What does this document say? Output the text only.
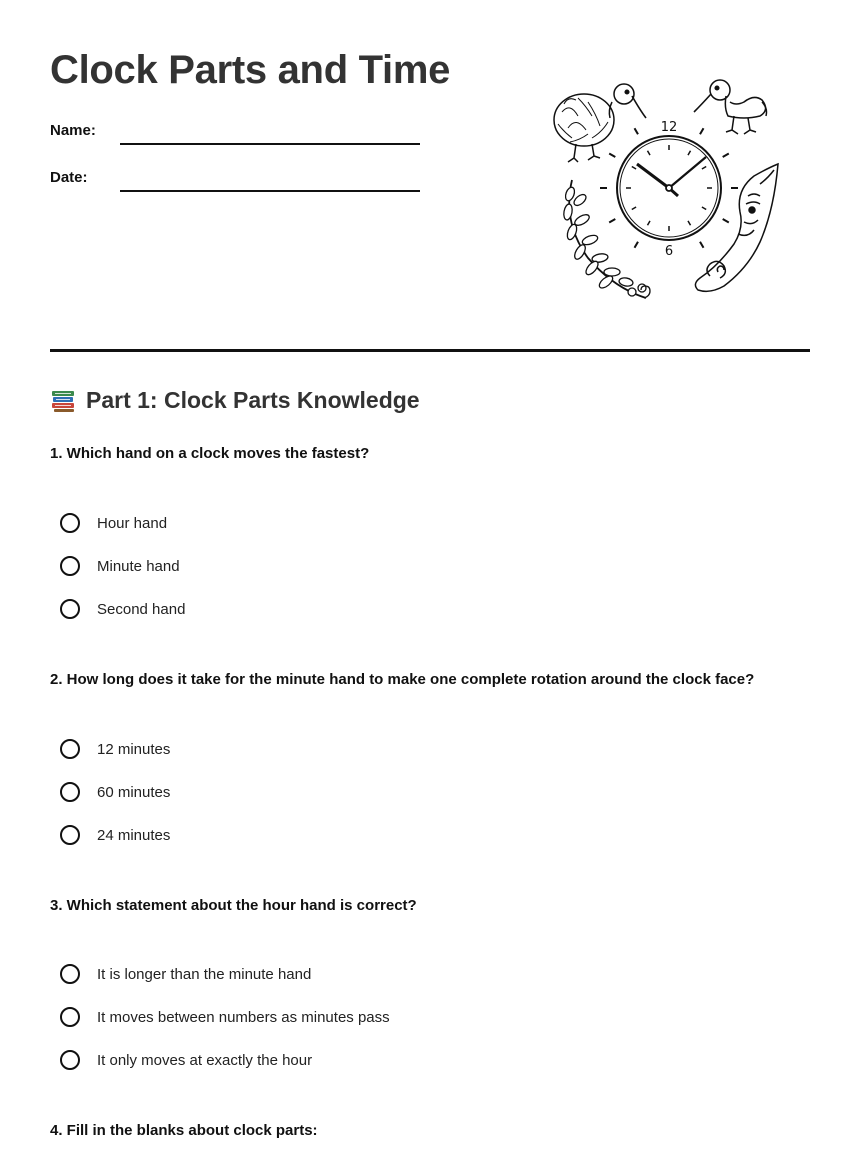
Clock Parts and Time
Name:
Date:
12
6
Part 1: Clock Parts Knowledge

1. Which hand on a clock moves the fastest?

Hour hand
Minute hand
Second hand

2. How long does it take for the minute hand to make one complete rotation around the clock face?

12 minutes
60 minutes
24 minutes

3. Which statement about the hour hand is correct?

It is longer than the minute hand
It moves between numbers as minutes pass
It only moves at exactly the hour

4. Fill in the blanks about clock parts:
